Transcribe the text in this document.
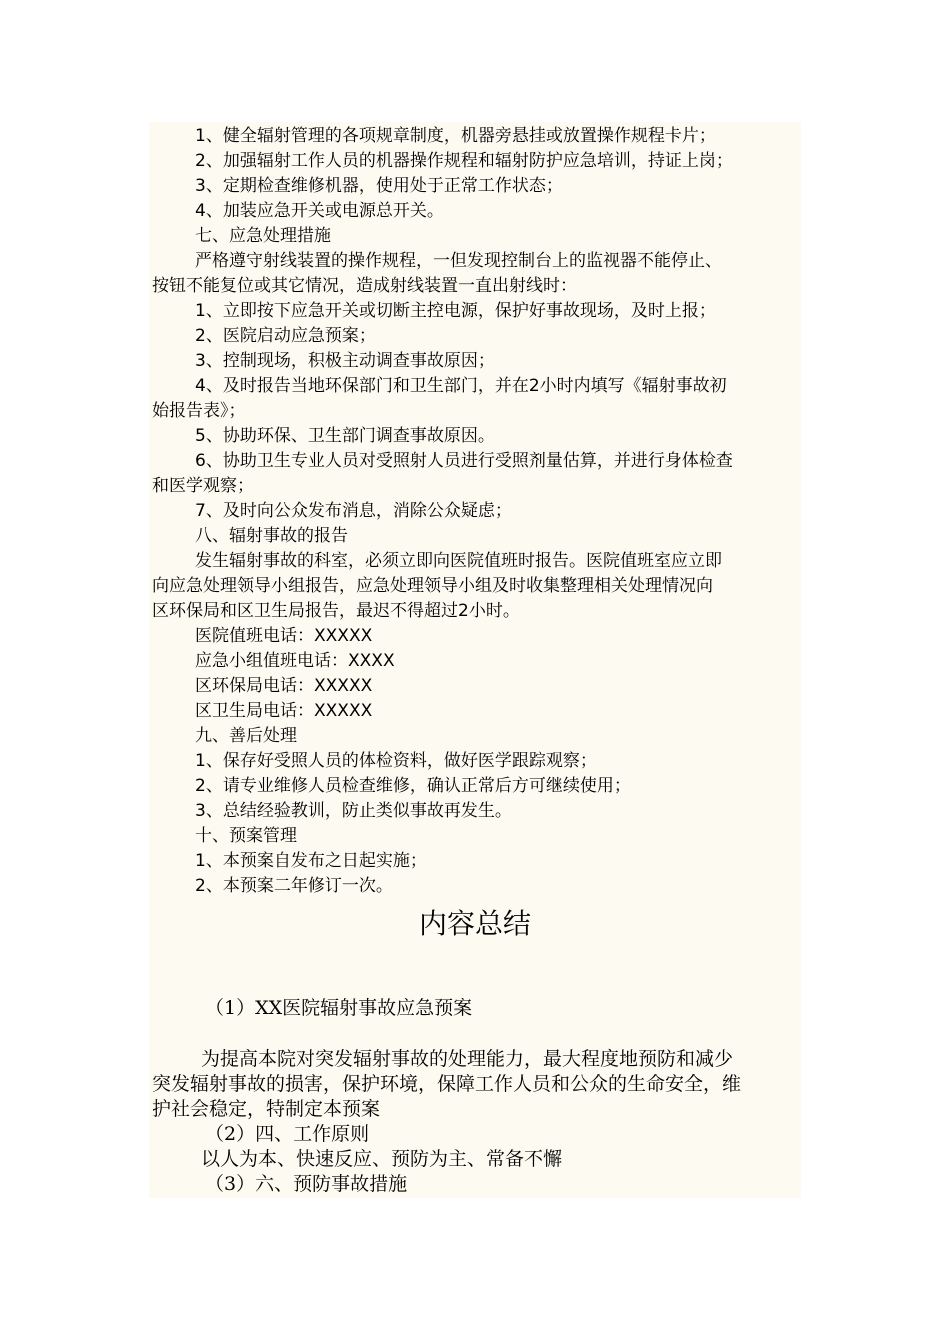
1、健全辐射管理的各项规章制度，机器旁悬挂或放置操作规程卡片；
2、加强辐射工作人员的机器操作规程和辐射防护应急培训，持证上岗；
3、定期检查维修机器，使用处于正常工作状态；
4、加装应急开关或电源总开关。
七、应急处理措施
严格遵守射线装置的操作规程，一但发现控制台上的监视器不能停止、
按钮不能复位或其它情况，造成射线装置一直出射线时：
1、立即按下应急开关或切断主控电源，保护好事故现场，及时上报；
2、医院启动应急预案；
3、控制现场，积极主动调查事故原因；
4、及时报告当地环保部门和卫生部门，并在2小时内填写《辐射事故初
始报告表》；
5、协助环保、卫生部门调查事故原因。
6、协助卫生专业人员对受照射人员进行受照剂量估算，并进行身体检查
和医学观察；
7、及时向公众发布消息，消除公众疑虑；
八、辐射事故的报告
发生辐射事故的科室，必须立即向医院值班时报告。医院值班室应立即
向应急处理领导小组报告，应急处理领导小组及时收集整理相关处理情况向
区环保局和区卫生局报告，最迟不得超过2小时。
医院值班电话：XXXXX
应急小组值班电话：XXXX
区环保局电话：XXXXX
区卫生局电话：XXXXX
九、善后处理
1、保存好受照人员的体检资料，做好医学跟踪观察；
2、请专业维修人员检查维修，确认正常后方可继续使用；
3、总结经验教训，防止类似事故再发生。
十、预案管理
1、本预案自发布之日起实施；
2、本预案二年修订一次。
内容总结
（1）XX医院辐射事故应急预案
为提高本院对突发辐射事故的处理能力，最大程度地预防和减少
突发辐射事故的损害，保护环境，保障工作人员和公众的生命安全，维
护社会稳定，特制定本预案
（2）四、工作原则
以人为本、快速反应、预防为主、常备不懈
（3）六、预防事故措施
